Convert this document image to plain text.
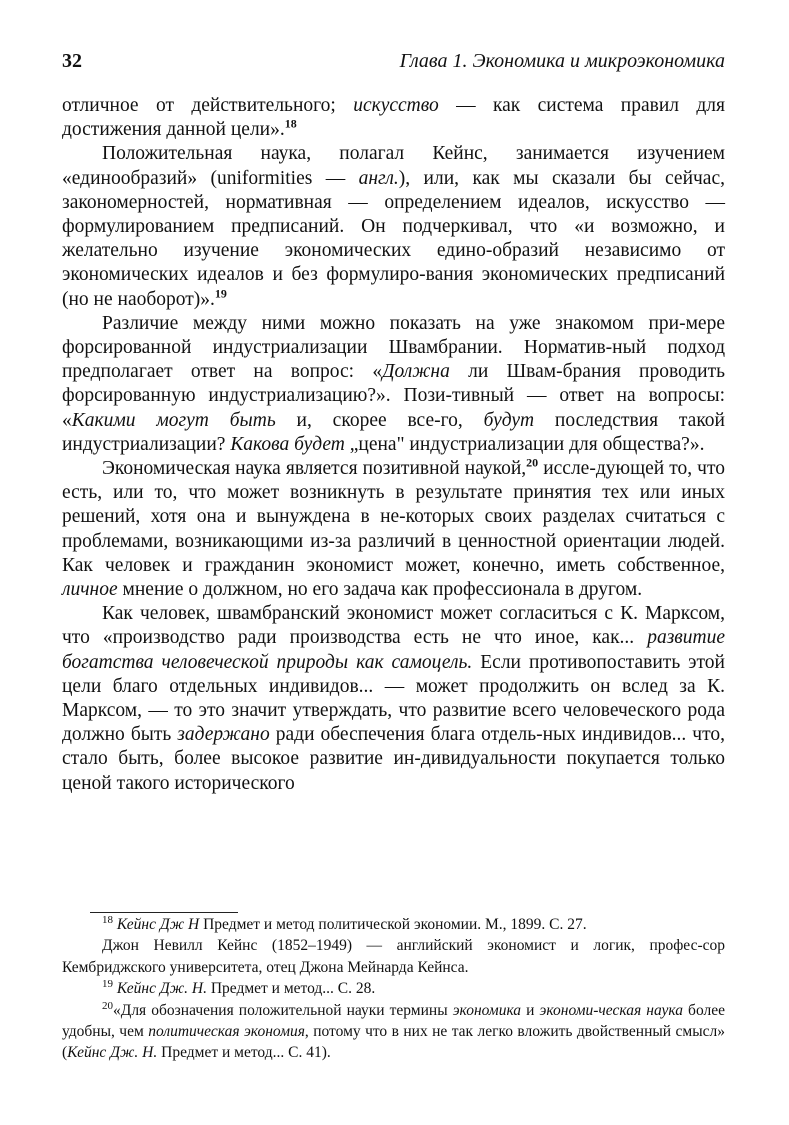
32	Глава 1. Экономика и микроэкономика

отличное от действительного; искусство — как система правил для достижения данной цели».$^{18}$

Положительная наука, полагал Кейнс, занимается изучением «единообразий» (uniformities — англ.), или, как мы сказали бы сейчас, закономерностей, нормативная — определением идеалов, искусство — формулированием предписаний. Он подчеркивал, что «и возможно, и желательно изучение экономических едино-образий независимо от экономических идеалов и без формулиро-вания экономических предписаний (но не наоборот)».$^{19}$

Различие между ними можно показать на уже знакомом при-мере форсированной индустриализации Швамбрании. Норматив-ный подход предполагает ответ на вопрос: «Должна ли Швам-брания проводить форсированную индустриализацию?». Пози-тивный — ответ на вопросы: «Какими могут быть и, скорее все-го, будут последствия такой индустриализации? Какова будет „цена" индустриализации для общества?».

Экономическая наука является позитивной наукой,$^{20}$ иссле-дующей то, что есть, или то, что может возникнуть в результате принятия тех или иных решений, хотя она и вынуждена в не-которых своих разделах считаться с проблемами, возникающими из-за различий в ценностной ориентации людей. Как человек и гражданин экономист может, конечно, иметь собственное, личное мнение о должном, но его задача как профессионала в другом.

Как человек, швамбранский экономист может согласиться с К. Марксом, что «производство ради производства есть не что иное, как... развитие богатства человеческой природы как самоцель. Если противопоставить этой цели благо отдельных индивидов... — может продолжить он вслед за К. Марксом, — то это значит утверждать, что развитие всего человеческого рода должно быть задержано ради обеспечения блага отдель-ных индивидов... что, стало быть, более высокое развитие ин-дивидуальности покупается только ценой такого исторического

$^{18}$ Кейнс Дж Н Предмет и метод политической экономии. М., 1899. С. 27.

Джон Невилл Кейнс (1852–1949) — английский экономист и логик, профес-сор Кембриджского университета, отец Джона Мейнарда Кейнса.

$^{19}$ Кейнс Дж. Н. Предмет и метод... С. 28.

$^{20}$«Для обозначения положительной науки термины экономика и экономи-ческая наука более удобны, чем политическая экономия, потому что в них не так легко вложить двойственный смысл» (Кейнс Дж. Н. Предмет и метод... С. 41).
